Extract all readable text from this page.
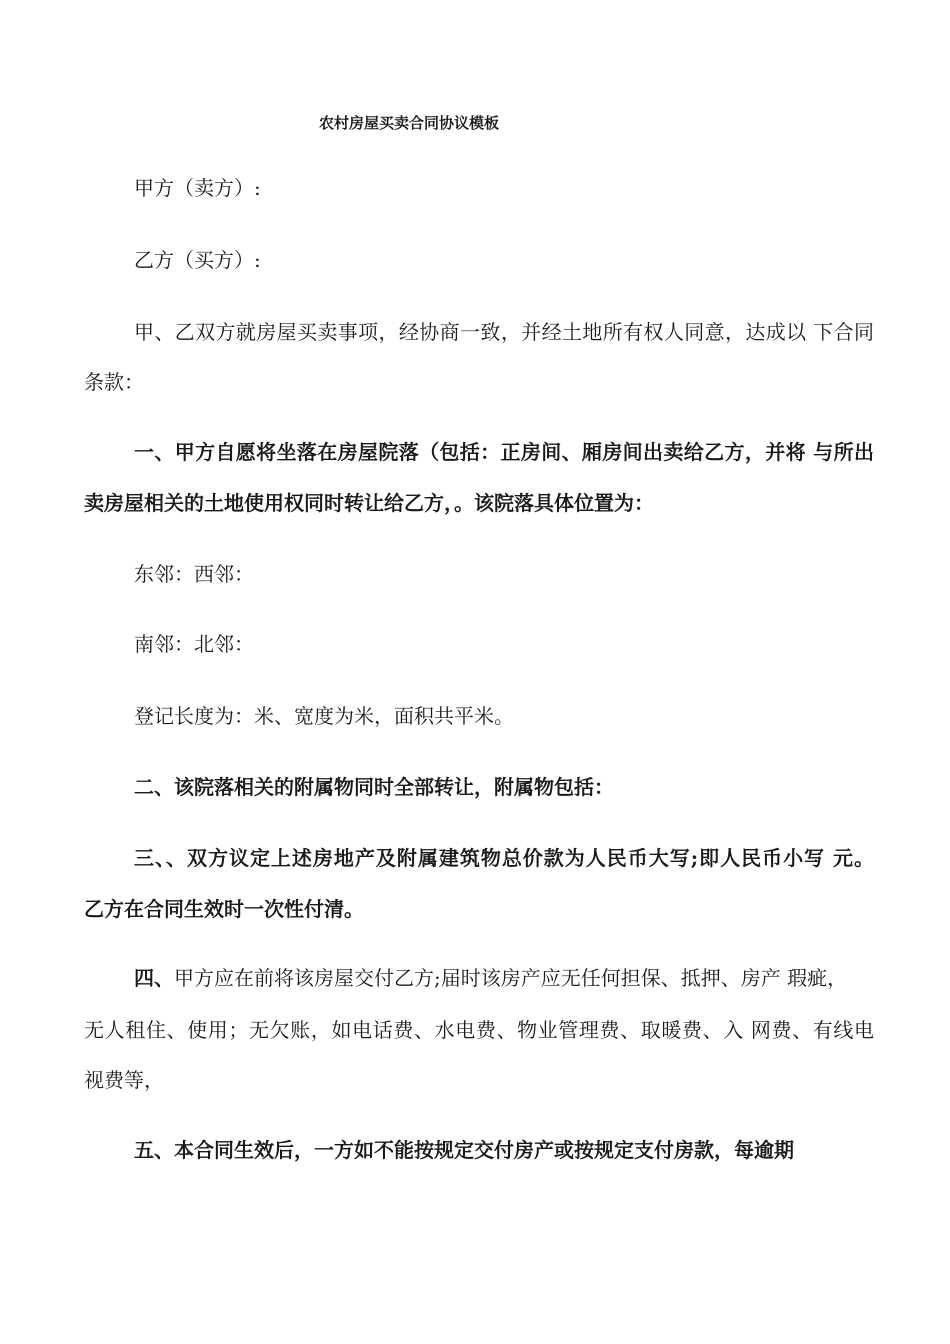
农村房屋买卖合同协议模板
甲方（卖方）:
乙方（买方）:
甲、乙双方就房屋买卖事项，经协商一致，并经土地所有权人同意，达成以 下合同
条款：
一、甲方自愿将坐落在房屋院落（包括：正房间、厢房间出卖给乙方，并将 与所出
卖房屋相关的土地使用权同时转让给乙方，。该院落具体位置为：
东邻：西邻：
南邻：北邻：
登记长度为：米、宽度为米，面积共平米。
二、该院落相关的附属物同时全部转让，附属物包括：
三、、双方议定上述房地产及附属建筑物总价款为人民币大写;即人民币小写 元。
乙方在合同生效时一次性付清。
四、甲方应在前将该房屋交付乙方;届时该房产应无任何担保、抵押、房产 瑕疵，
无人租住、使用；无欠账，如电话费、水电费、物业管理费、取暖费、入 网费、有线电
视费等，
五、本合同生效后，一方如不能按规定交付房产或按规定支付房款，每逾期
